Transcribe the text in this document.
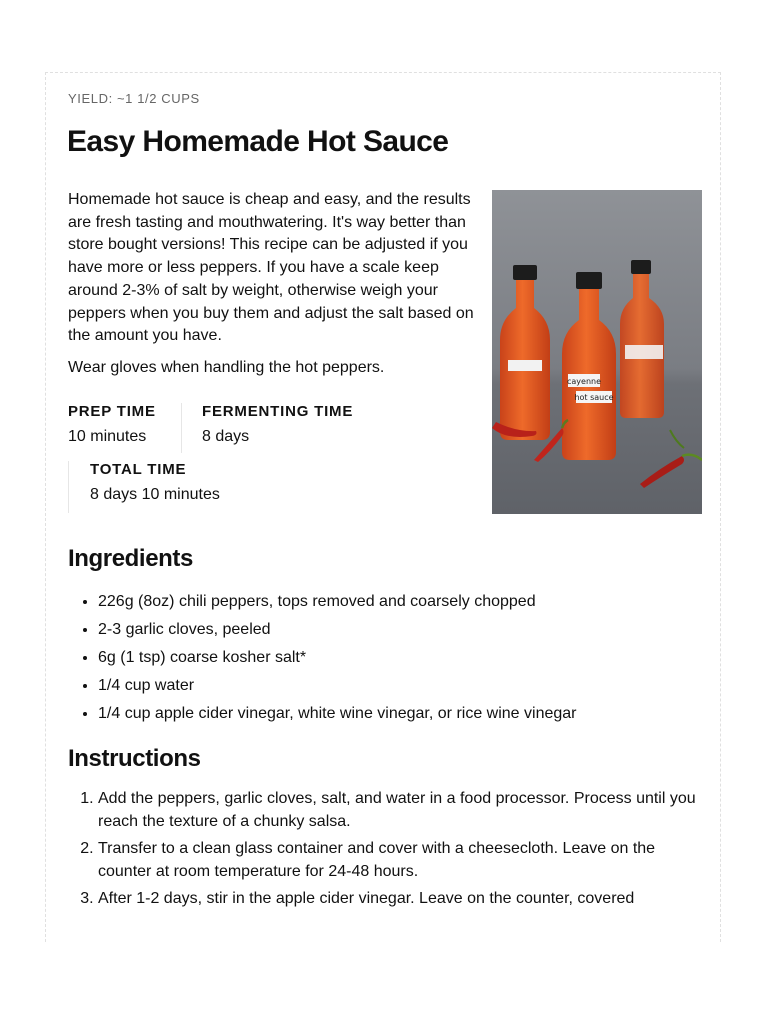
YIELD: ~1 1/2 CUPS
Easy Homemade Hot Sauce

Homemade hot sauce is cheap and easy, and the results are fresh tasting and mouthwatering. It's way better than store bought versions! This recipe can be adjusted if you have more or less peppers. If you have a scale keep around 2-3% of salt by weight, otherwise weigh your peppers when you buy them and adjust the salt based on the amount you have.

Wear gloves when handling the hot peppers.

PREP TIME
10 minutes
FERMENTING TIME
8 days
TOTAL TIME
8 days 10 minutes
cayenne
hot sauce
Ingredients
• 226g (8oz) chili peppers, tops removed and coarsely chopped
• 2-3 garlic cloves, peeled
• 6g (1 tsp) coarse kosher salt*
• 1/4 cup water
• 1/4 cup apple cider vinegar, white wine vinegar, or rice wine vinegar
Instructions
1. Add the peppers, garlic cloves, salt, and water in a food processor. Process until you reach the texture of a chunky salsa.
2. Transfer to a clean glass container and cover with a cheesecloth. Leave on the counter at room temperature for 24-48 hours.
3. After 1-2 days, stir in the apple cider vinegar. Leave on the counter, covered
